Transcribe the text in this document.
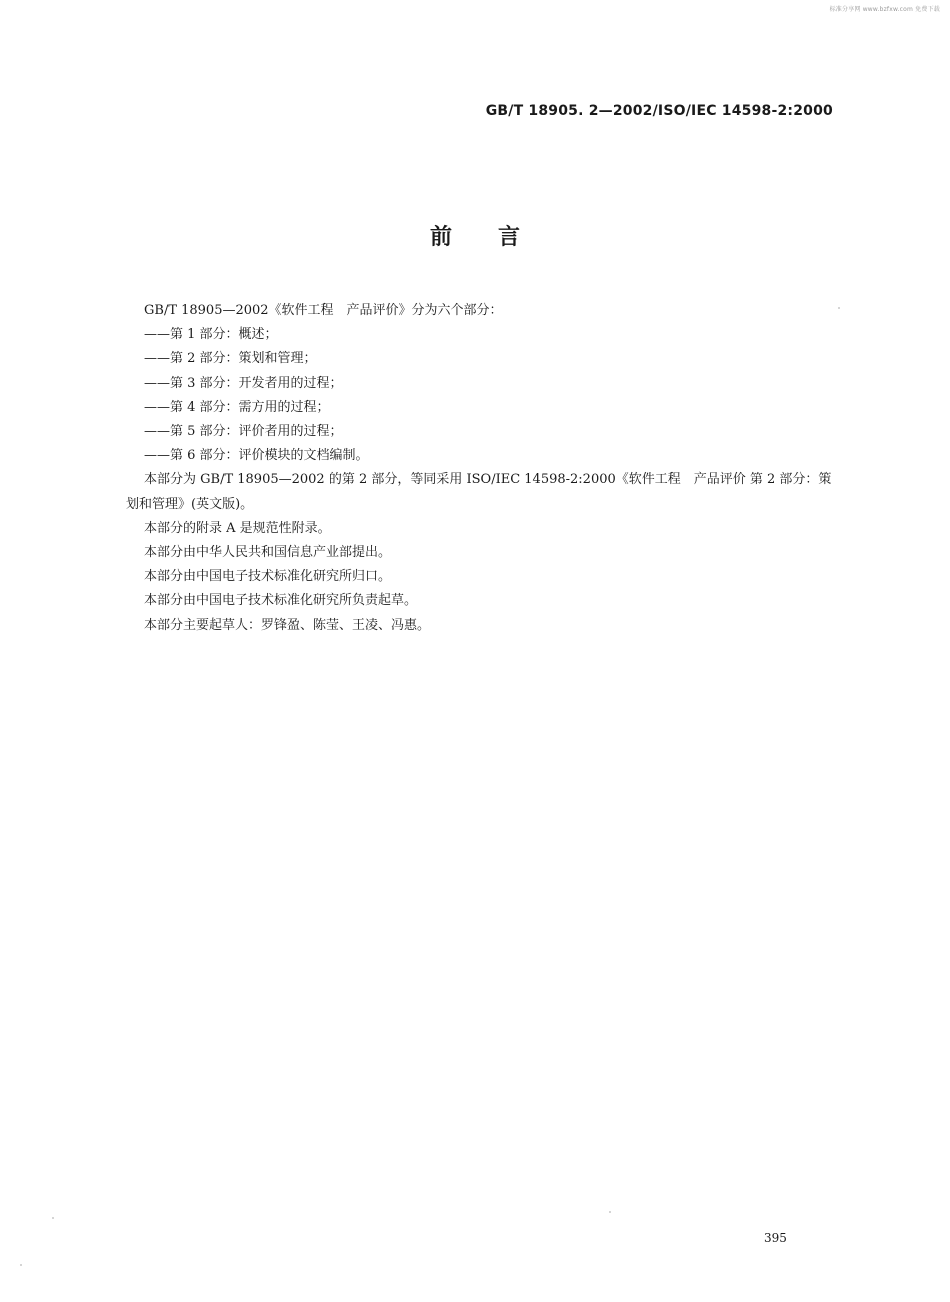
标准分享网 www.bzfxw.com 免费下载
GB/T 18905. 2—2002/ISO/IEC 14598-2:2000
前言

GB/T 18905—2002《软件工程　产品评价》分为六个部分：

——第 1 部分：概述；

——第 2 部分：策划和管理；

——第 3 部分：开发者用的过程；

——第 4 部分：需方用的过程；

——第 5 部分：评价者用的过程；

——第 6 部分：评价模块的文档编制。

本部分为 GB/T 18905—2002 的第 2 部分，等同采用 ISO/IEC 14598-2:2000《软件工程　产品评价 第 2 部分：策划和管理》(英文版)。

本部分的附录 A 是规范性附录。

本部分由中华人民共和国信息产业部提出。

本部分由中国电子技术标准化研究所归口。

本部分由中国电子技术标准化研究所负责起草。

本部分主要起草人：罗锋盈、陈莹、王凌、冯惠。

395
